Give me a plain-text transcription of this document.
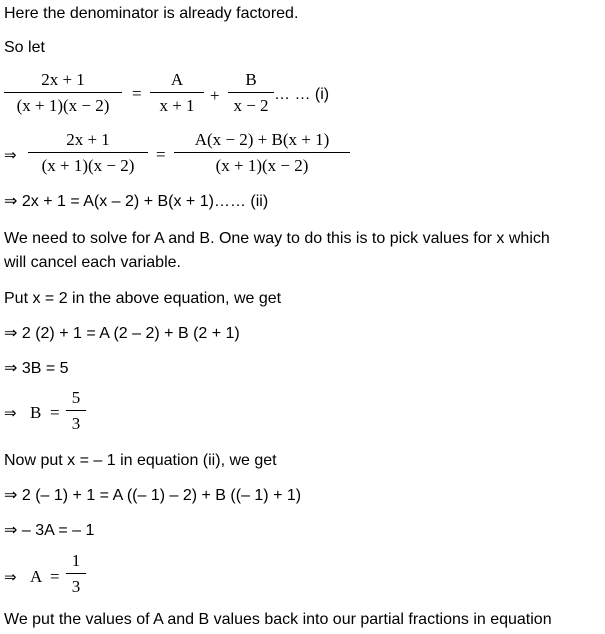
Here the denominator is already factored.
So let
2x + 1
(x + 1)(x − 2)
=
A
x + 1
+
B
x − 2
… … (i)
⇒
2x + 1
(x + 1)(x − 2)
=
A(x − 2) + B(x + 1)
(x + 1)(x − 2)
⇒ 2x + 1 = A(x – 2) + B(x + 1)…… (ii)
We need to solve for A and B. One way to do this is to pick values for x which
will cancel each variable.
Put x = 2 in the above equation, we get
⇒ 2 (2) + 1 = A (2 – 2) + B (2 + 1)
⇒ 3B = 5
⇒ B =
5
3
Now put x = – 1 in equation (ii), we get
⇒ 2 (– 1) + 1 = A ((– 1) – 2) + B ((– 1) + 1)
⇒ – 3A = – 1
⇒ A =
1
3
We put the values of A and B values back into our partial fractions in equation
